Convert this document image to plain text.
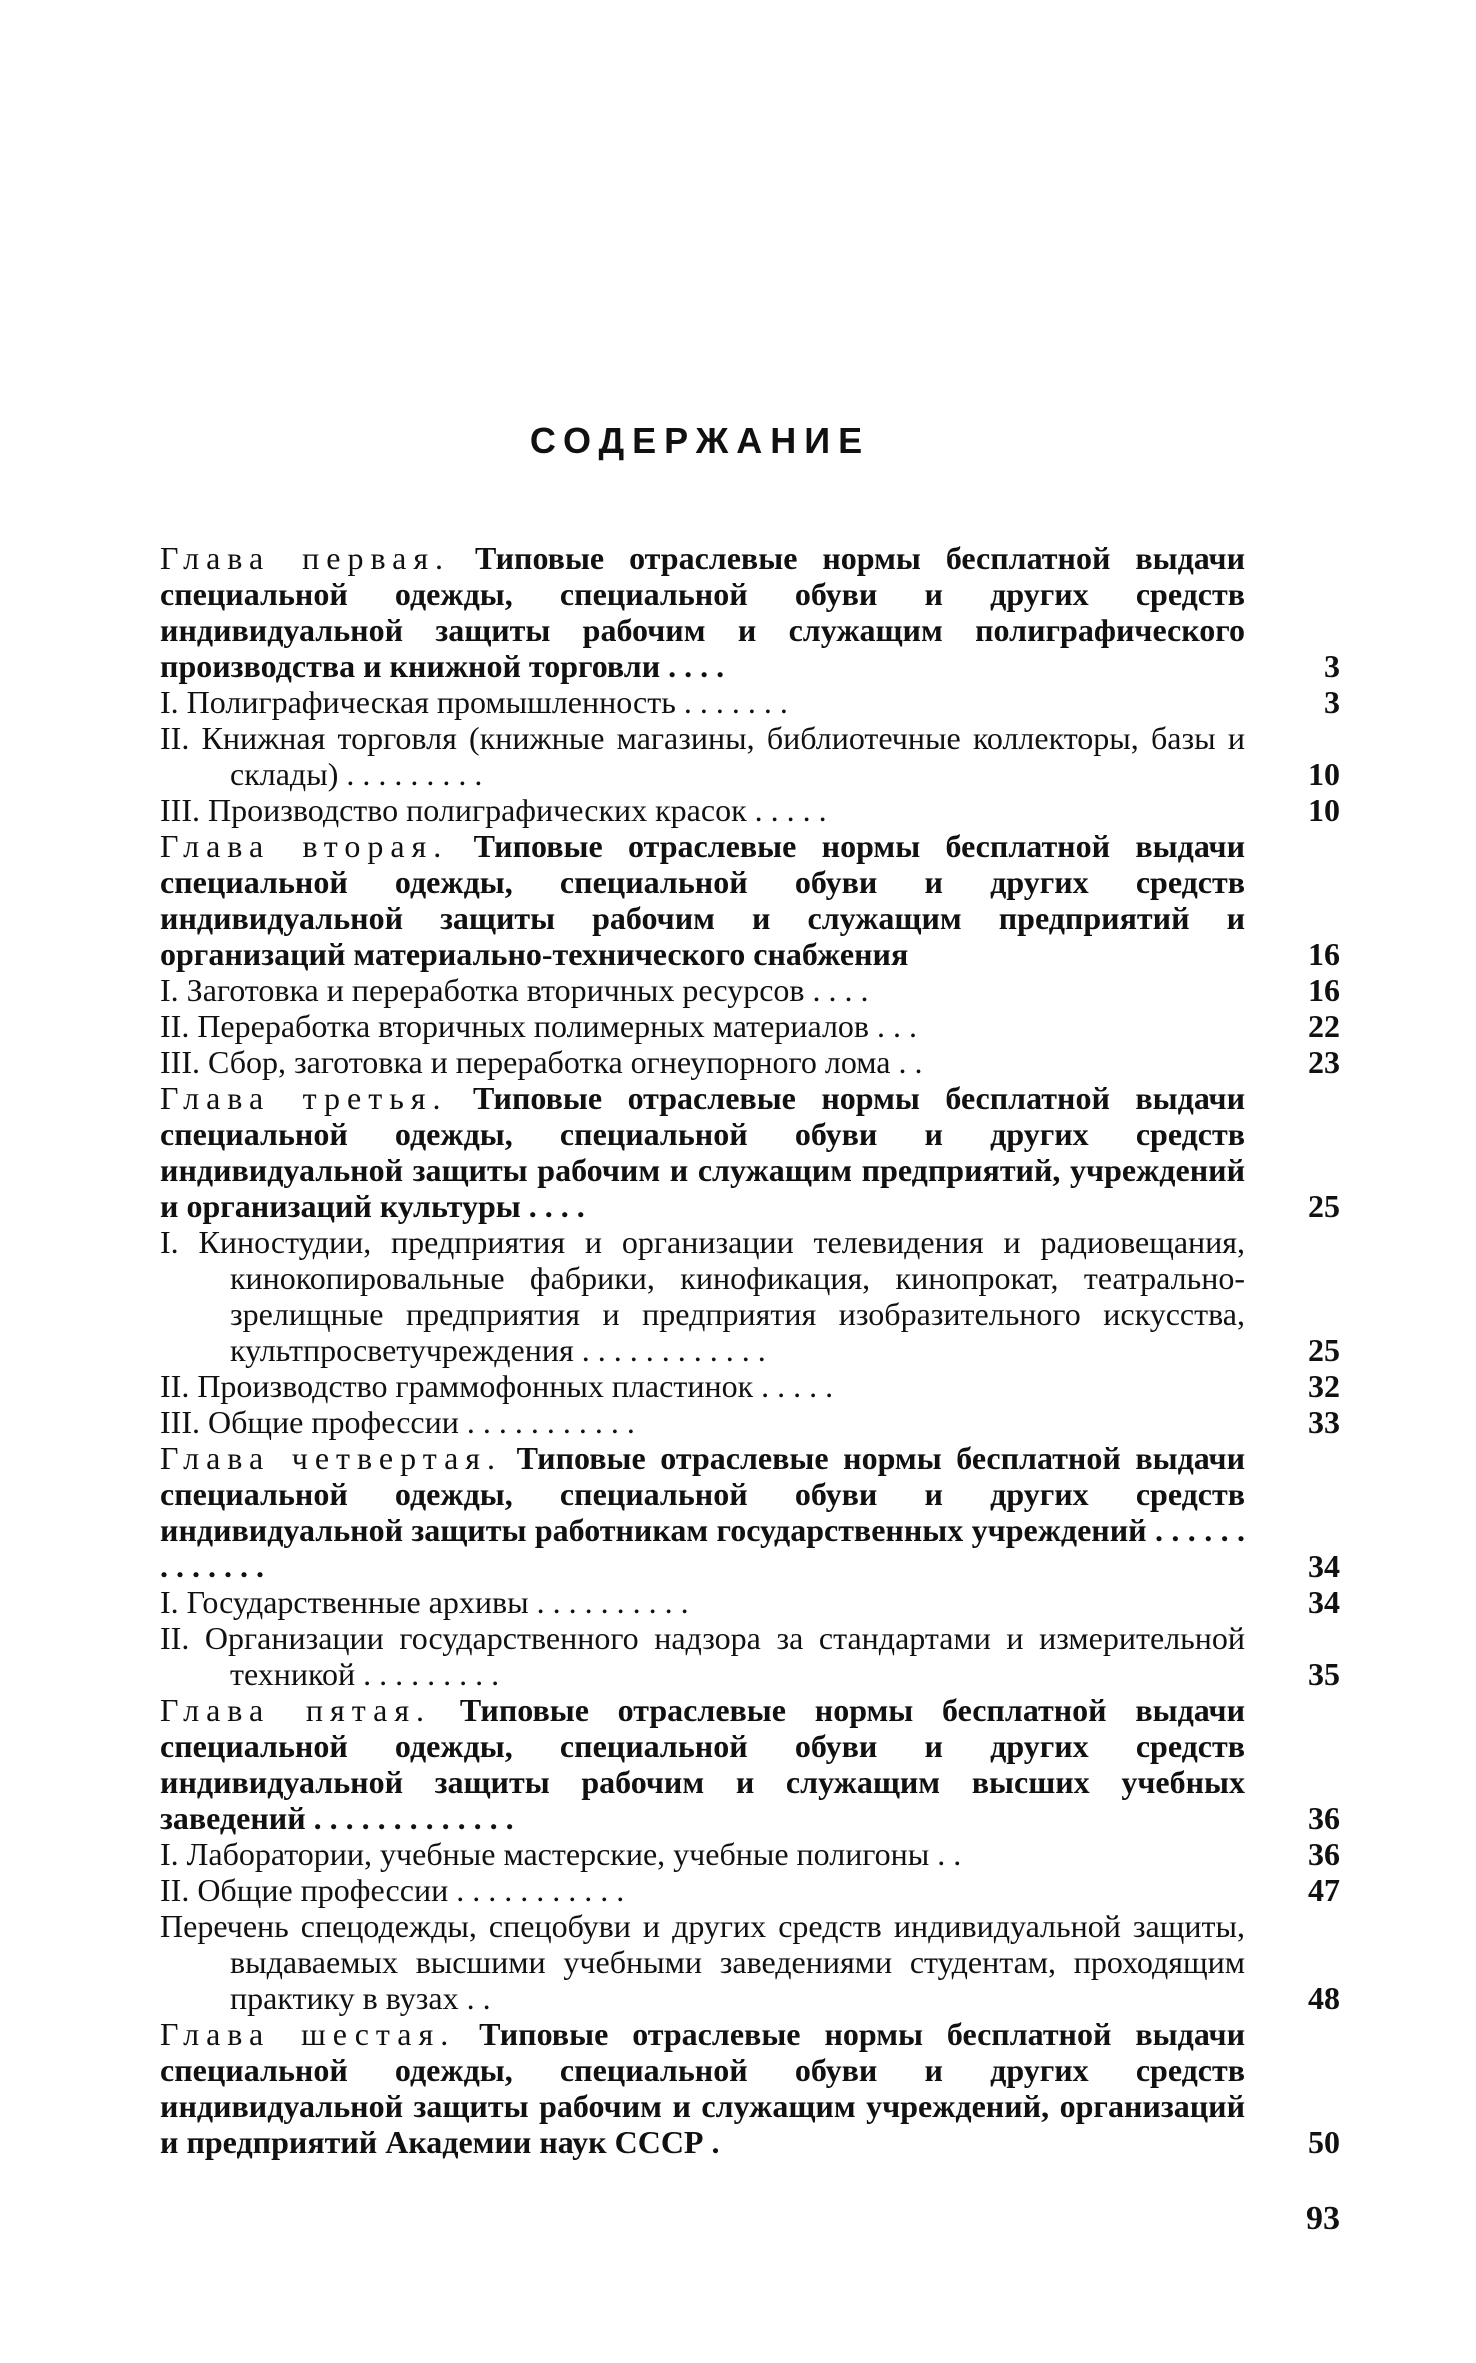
СОДЕРЖАНИЕ
Глава первая. Типовые отраслевые нормы бесплатной выдачи специальной одежды, специальной обуви и других средств индивидуальной защиты рабочим и служащим полиграфического производства и книжной торговли . . . .	3
I. Полиграфическая промышленность . . . . . . .	3
II. Книжная торговля (книжные магазины, библиотечные коллекторы, базы и склады) . . . . . . . . .	10
III. Производство полиграфических красок . . . . .	10
Глава вторая. Типовые отраслевые нормы бесплатной выдачи специальной одежды, специальной обуви и других средств индивидуальной защиты рабочим и служащим предприятий и организаций материально-технического снабжения	16
I. Заготовка и переработка вторичных ресурсов . . . .	16
II. Переработка вторичных полимерных материалов . . .	22
III. Сбор, заготовка и переработка огнеупорного лома . .	23
Глава третья. Типовые отраслевые нормы бесплатной выдачи специальной одежды, специальной обуви и других средств индивидуальной защиты рабочим и служащим предприятий, учреждений и организаций культуры . . . .	25
I. Киностудии, предприятия и организации телевидения и радиовещания, кинокопировальные фабрики, кинофикация, кинопрокат, театрально-зрелищные предприятия и предприятия изобразительного искусства, культпросветучреждения . . . . . . . . . . . .	25
II. Производство граммофонных пластинок . . . . .	32
III. Общие профессии . . . . . . . . . . .	33
Глава четвертая. Типовые отраслевые нормы бесплатной выдачи специальной одежды, специальной обуви и других средств индивидуальной защиты работникам государственных учреждений . . . . . . . . . . . . .	34
I. Государственные архивы . . . . . . . . . .	34
II. Организации государственного надзора за стандартами и измерительной техникой . . . . . . . . .	35
Глава пятая. Типовые отраслевые нормы бесплатной выдачи специальной одежды, специальной обуви и других средств индивидуальной защиты рабочим и служащим высших учебных заведений . . . . . . . . . . . . .	36
I. Лаборатории, учебные мастерские, учебные полигоны . .	36
II. Общие профессии . . . . . . . . . . .	47
Перечень спецодежды, спецобуви и других средств индивидуальной защиты, выдаваемых высшими учебными заведениями студентам, проходящим практику в вузах . .	48
Глава шестая. Типовые отраслевые нормы бесплатной выдачи специальной одежды, специальной обуви и других средств индивидуальной защиты рабочим и служащим учреждений, организаций и предприятий Академии наук СССР .	50
93
